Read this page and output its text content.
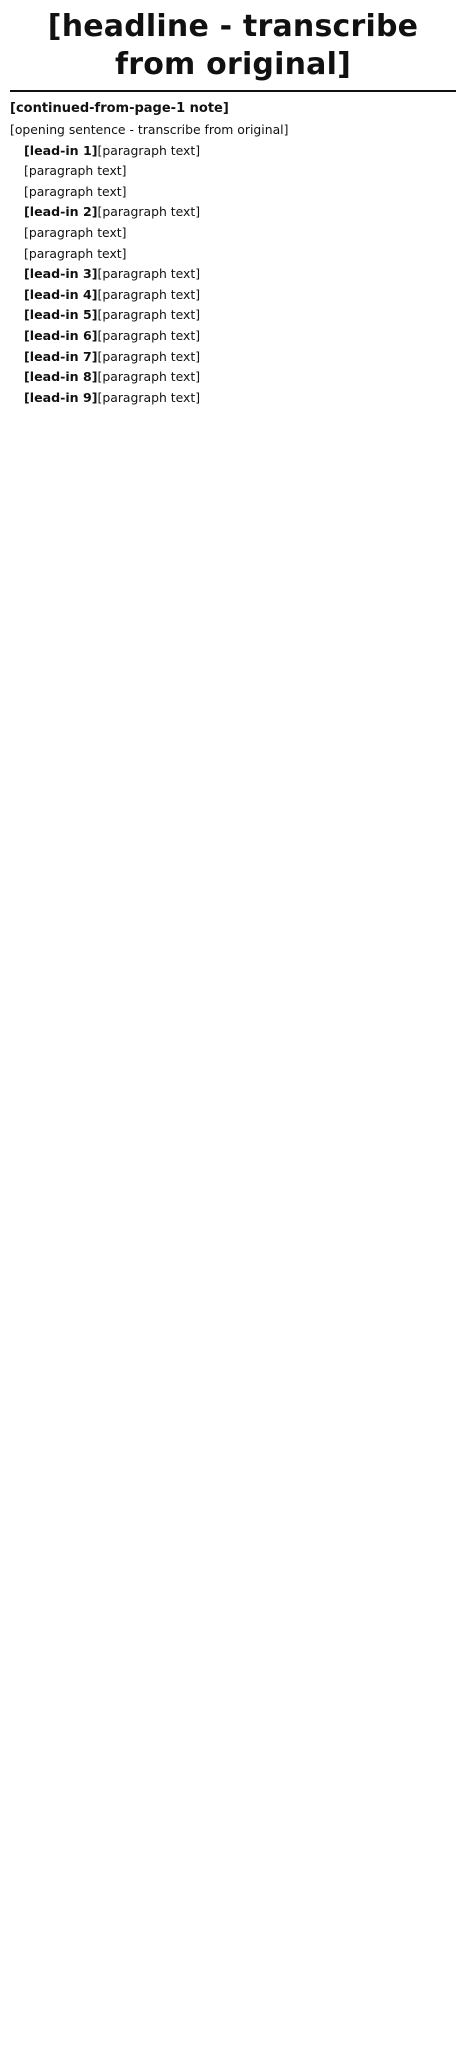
[headline - transcribe from original]
[continued-from-page-1 note]

[opening sentence - transcribe from original]

[lead-in 1][paragraph text]

[paragraph text]

[paragraph text]

[lead-in 2][paragraph text]

[paragraph text]

[paragraph text]

[lead-in 3][paragraph text]

[lead-in 4][paragraph text]

[lead-in 5][paragraph text]

[lead-in 6][paragraph text]

[lead-in 7][paragraph text]

[lead-in 8][paragraph text]

[lead-in 9][paragraph text]
